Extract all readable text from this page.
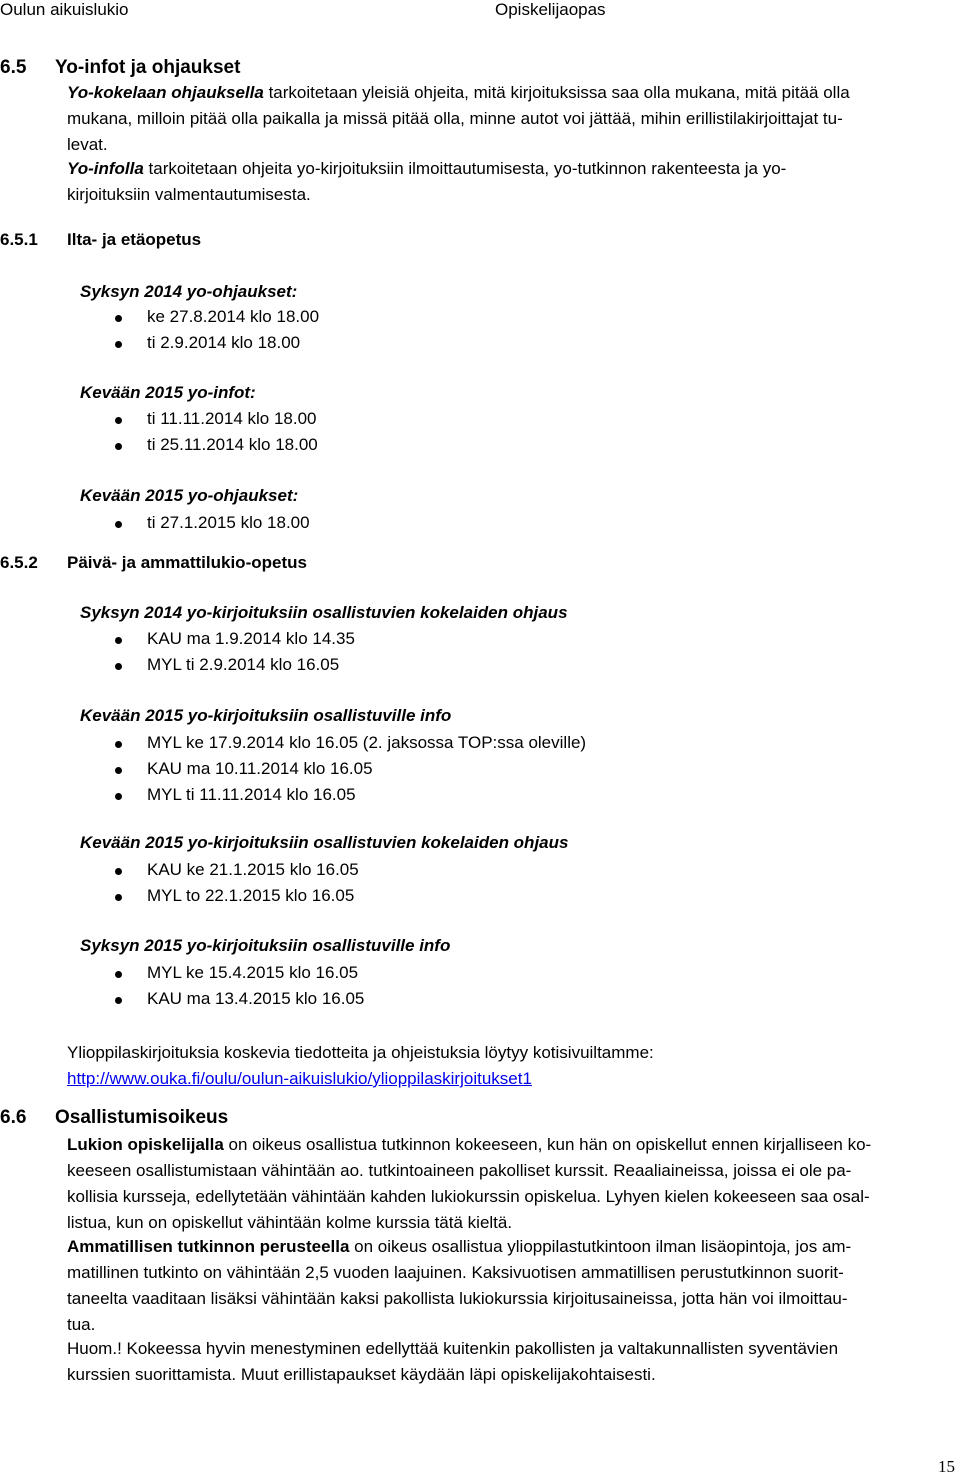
Oulun aikuislukio	Opiskelijaopas
6.5 Yo-infot ja ohjaukset
Yo-kokelaan ohjauksella tarkoitetaan yleisiä ohjeita, mitä kirjoituksissa saa olla mukana, mitä pitää olla
mukana, milloin pitää olla paikalla ja missä pitää olla, minne autot voi jättää, mihin erillistilakirjoittajat tu-
levat.
Yo-infolla tarkoitetaan ohjeita yo-kirjoituksiin ilmoittautumisesta, yo-tutkinnon rakenteesta ja yo-
kirjoituksiin valmentautumisesta.
6.5.1 Ilta- ja etäopetus
Syksyn 2014 yo-ohjaukset:
ke 27.8.2014 klo 18.00
ti 2.9.2014 klo 18.00
Kevään 2015 yo-infot:
ti 11.11.2014 klo 18.00
ti 25.11.2014 klo 18.00
Kevään 2015 yo-ohjaukset:
ti 27.1.2015 klo 18.00
6.5.2 Päivä- ja ammattilukio-opetus
Syksyn 2014 yo-kirjoituksiin osallistuvien kokelaiden ohjaus
KAU ma 1.9.2014 klo 14.35
MYL ti 2.9.2014 klo 16.05
Kevään 2015 yo-kirjoituksiin osallistuville info
MYL ke 17.9.2014 klo 16.05 (2. jaksossa TOP:ssa oleville)
KAU ma 10.11.2014 klo 16.05
MYL ti 11.11.2014 klo 16.05
Kevään 2015 yo-kirjoituksiin osallistuvien kokelaiden ohjaus
KAU ke 21.1.2015 klo 16.05
MYL to 22.1.2015 klo 16.05
Syksyn 2015 yo-kirjoituksiin osallistuville info
MYL ke 15.4.2015 klo 16.05
KAU ma 13.4.2015 klo 16.05
Ylioppilaskirjoituksia koskevia tiedotteita ja ohjeistuksia löytyy kotisivuiltamme:
http://www.ouka.fi/oulu/oulun-aikuislukio/ylioppilaskirjoitukset1
6.6 Osallistumisoikeus
Lukion opiskelijalla on oikeus osallistua tutkinnon kokeeseen, kun hän on opiskellut ennen kirjalliseen ko-
keeseen osallistumistaan vähintään ao. tutkintoaineen pakolliset kurssit. Reaaliaineissa, joissa ei ole pa-
kollisia kursseja, edellytetään vähintään kahden lukiokurssin opiskelua. Lyhyen kielen kokeeseen saa osal-
listua, kun on opiskellut vähintään kolme kurssia tätä kieltä.
Ammatillisen tutkinnon perusteella on oikeus osallistua ylioppilastutkintoon ilman lisäopintoja, jos am-
matillinen tutkinto on vähintään 2,5 vuoden laajuinen. Kaksivuotisen ammatillisen perustutkinnon suorit-
taneelta vaaditaan lisäksi vähintään kaksi pakollista lukiokurssia kirjoitusaineissa, jotta hän voi ilmoittau-
tua.
Huom.! Kokeessa hyvin menestyminen edellyttää kuitenkin pakollisten ja valtakunnallisten syventävien
kurssien suorittamista. Muut erillistapaukset käydään läpi opiskelijakohtaisesti.
15
